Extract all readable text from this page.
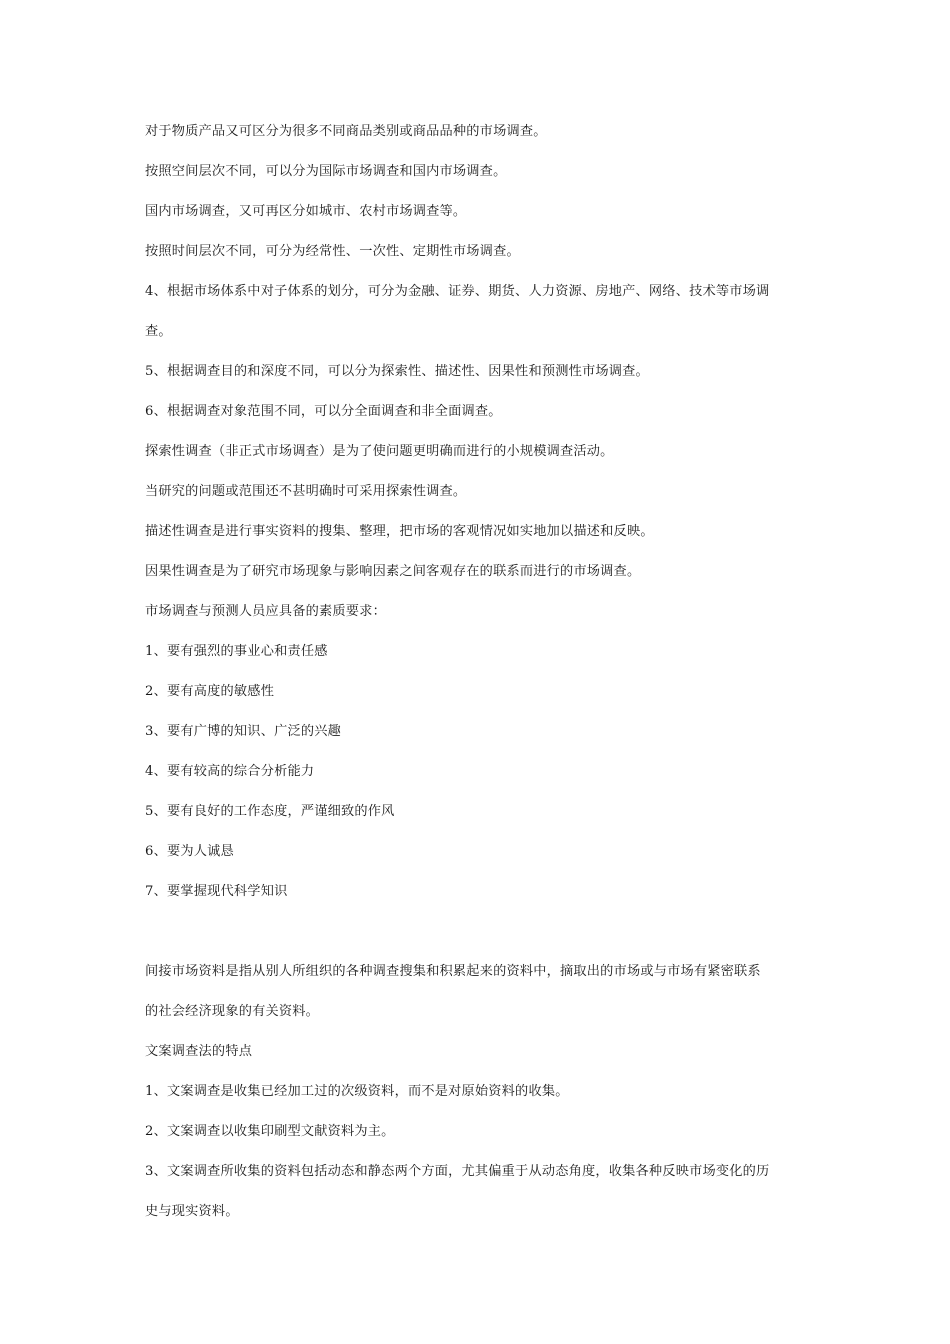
对于物质产品又可区分为很多不同商品类别或商品品种的市场调查。
按照空间层次不同，可以分为国际市场调查和国内市场调查。
国内市场调查，又可再区分如城市、农村市场调查等。
按照时间层次不同，可分为经常性、一次性、定期性市场调查。
4、根据市场体系中对子体系的划分，可分为金融、证券、期货、人力资源、房地产、网络、技术等市场调
查。
5、根据调查目的和深度不同，可以分为探索性、描述性、因果性和预测性市场调查。
6、根据调查对象范围不同，可以分全面调查和非全面调查。
探索性调查（非正式市场调查）是为了使问题更明确而进行的小规模调查活动。
当研究的问题或范围还不甚明确时可采用探索性调查。
描述性调查是进行事实资料的搜集、整理，把市场的客观情况如实地加以描述和反映。
因果性调查是为了研究市场现象与影响因素之间客观存在的联系而进行的市场调查。
市场调查与预测人员应具备的素质要求：
1、要有强烈的事业心和责任感
2、要有高度的敏感性
3、要有广博的知识、广泛的兴趣
4、要有较高的综合分析能力
5、要有良好的工作态度，严谨细致的作风
6、要为人诚恳
7、要掌握现代科学知识
间接市场资料是指从别人所组织的各种调查搜集和积累起来的资料中，摘取出的市场或与市场有紧密联系
的社会经济现象的有关资料。
文案调查法的特点
1、文案调查是收集已经加工过的次级资料，而不是对原始资料的收集。
2、文案调查以收集印刷型文献资料为主。
3、文案调查所收集的资料包括动态和静态两个方面，尤其偏重于从动态角度，收集各种反映市场变化的历
史与现实资料。
